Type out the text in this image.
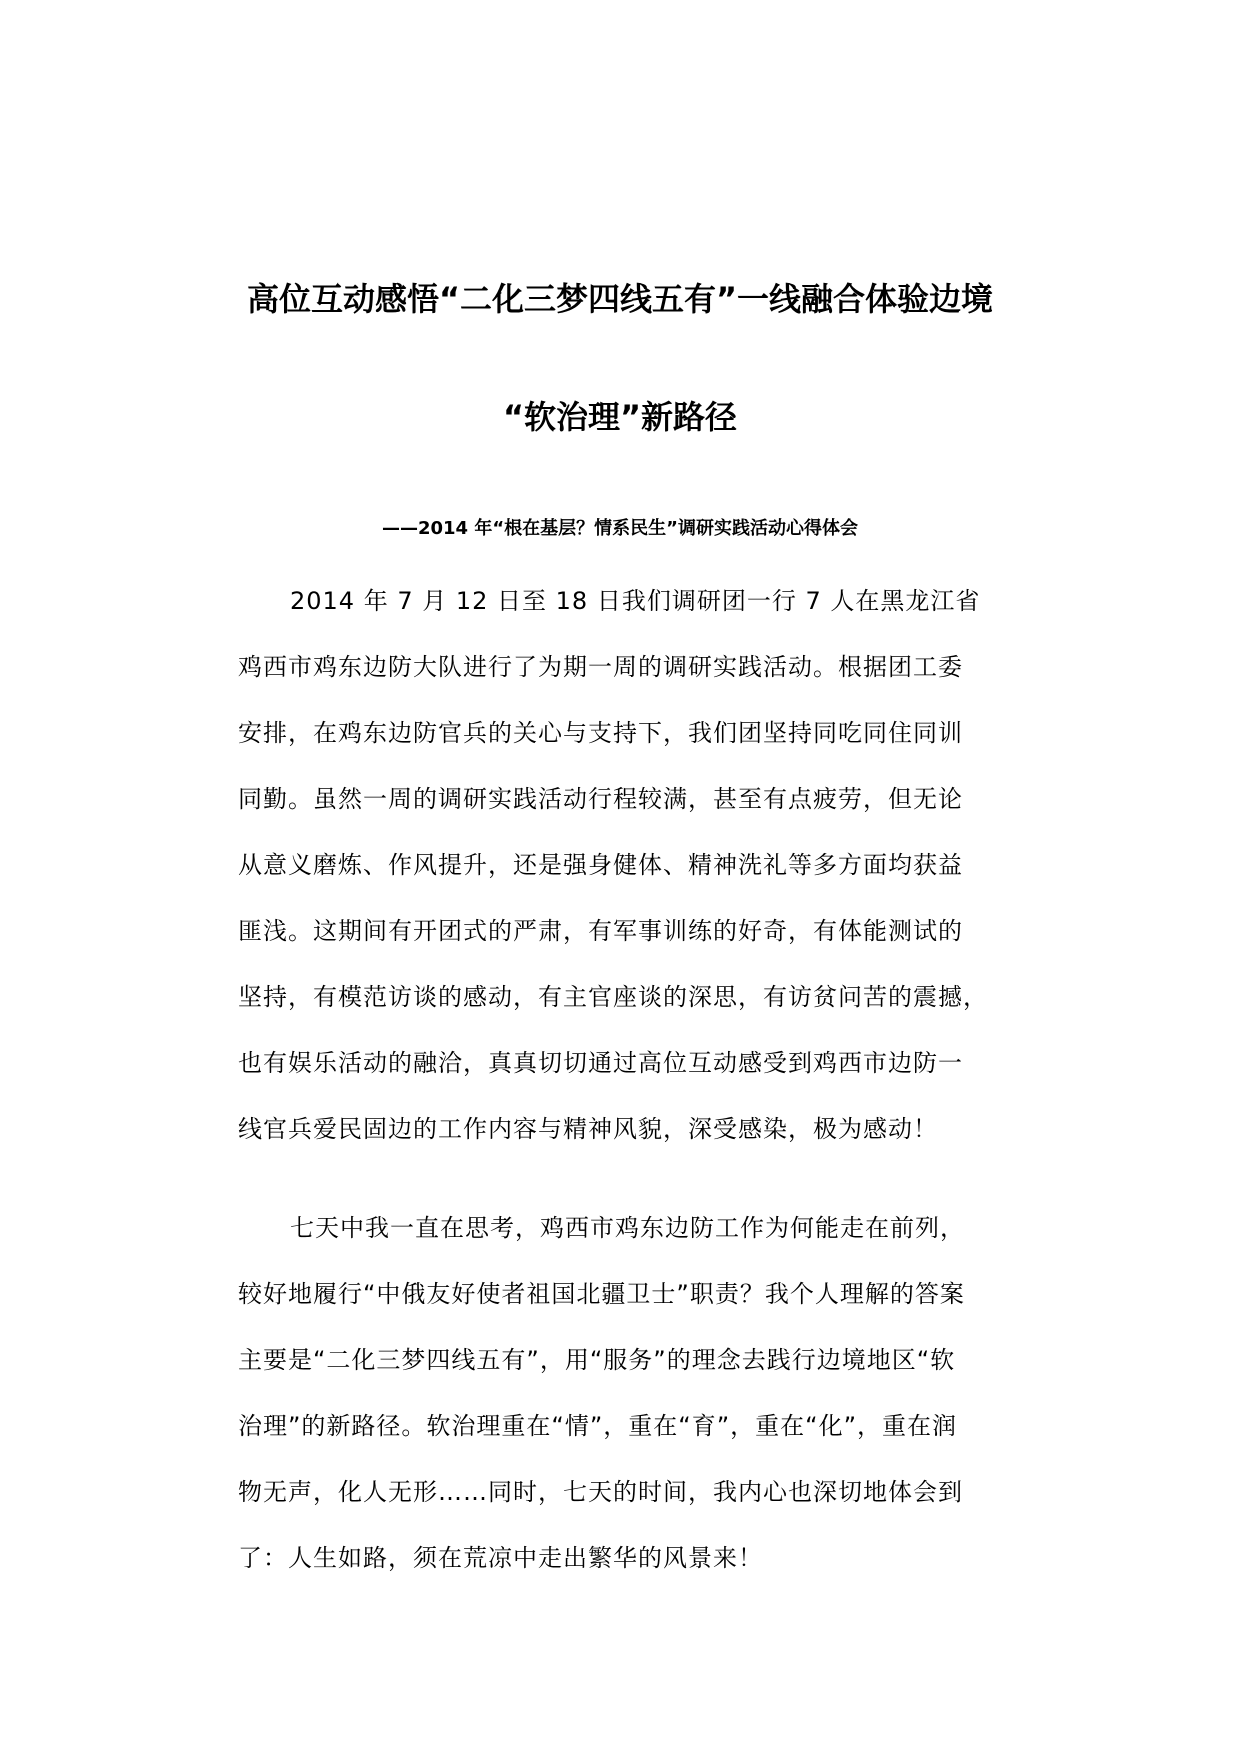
高位互动感悟“二化三梦四线五有”一线融合体验边境
“软治理”新路径
——2014 年“根在基层？情系民生”调研实践活动心得体会
2014 年 7 月 12 日至 18 日我们调研团一行 7 人在黑龙江省
鸡西市鸡东边防大队进行了为期一周的调研实践活动。根据团工委
安排，在鸡东边防官兵的关心与支持下，我们团坚持同吃同住同训
同勤。虽然一周的调研实践活动行程较满，甚至有点疲劳，但无论
从意义磨炼、作风提升，还是强身健体、精神洗礼等多方面均获益
匪浅。这期间有开团式的严肃，有军事训练的好奇，有体能测试的
坚持，有模范访谈的感动，有主官座谈的深思，有访贫问苦的震撼，
也有娱乐活动的融洽，真真切切通过高位互动感受到鸡西市边防一
线官兵爱民固边的工作内容与精神风貌，深受感染，极为感动！
七天中我一直在思考，鸡西市鸡东边防工作为何能走在前列，
较好地履行“中俄友好使者祖国北疆卫士”职责？我个人理解的答案
主要是“二化三梦四线五有”，用“服务”的理念去践行边境地区“软
治理”的新路径。软治理重在“情”，重在“育”，重在“化”，重在润
物无声，化人无形……同时，七天的时间，我内心也深切地体会到
了：人生如路，须在荒凉中走出繁华的风景来！
